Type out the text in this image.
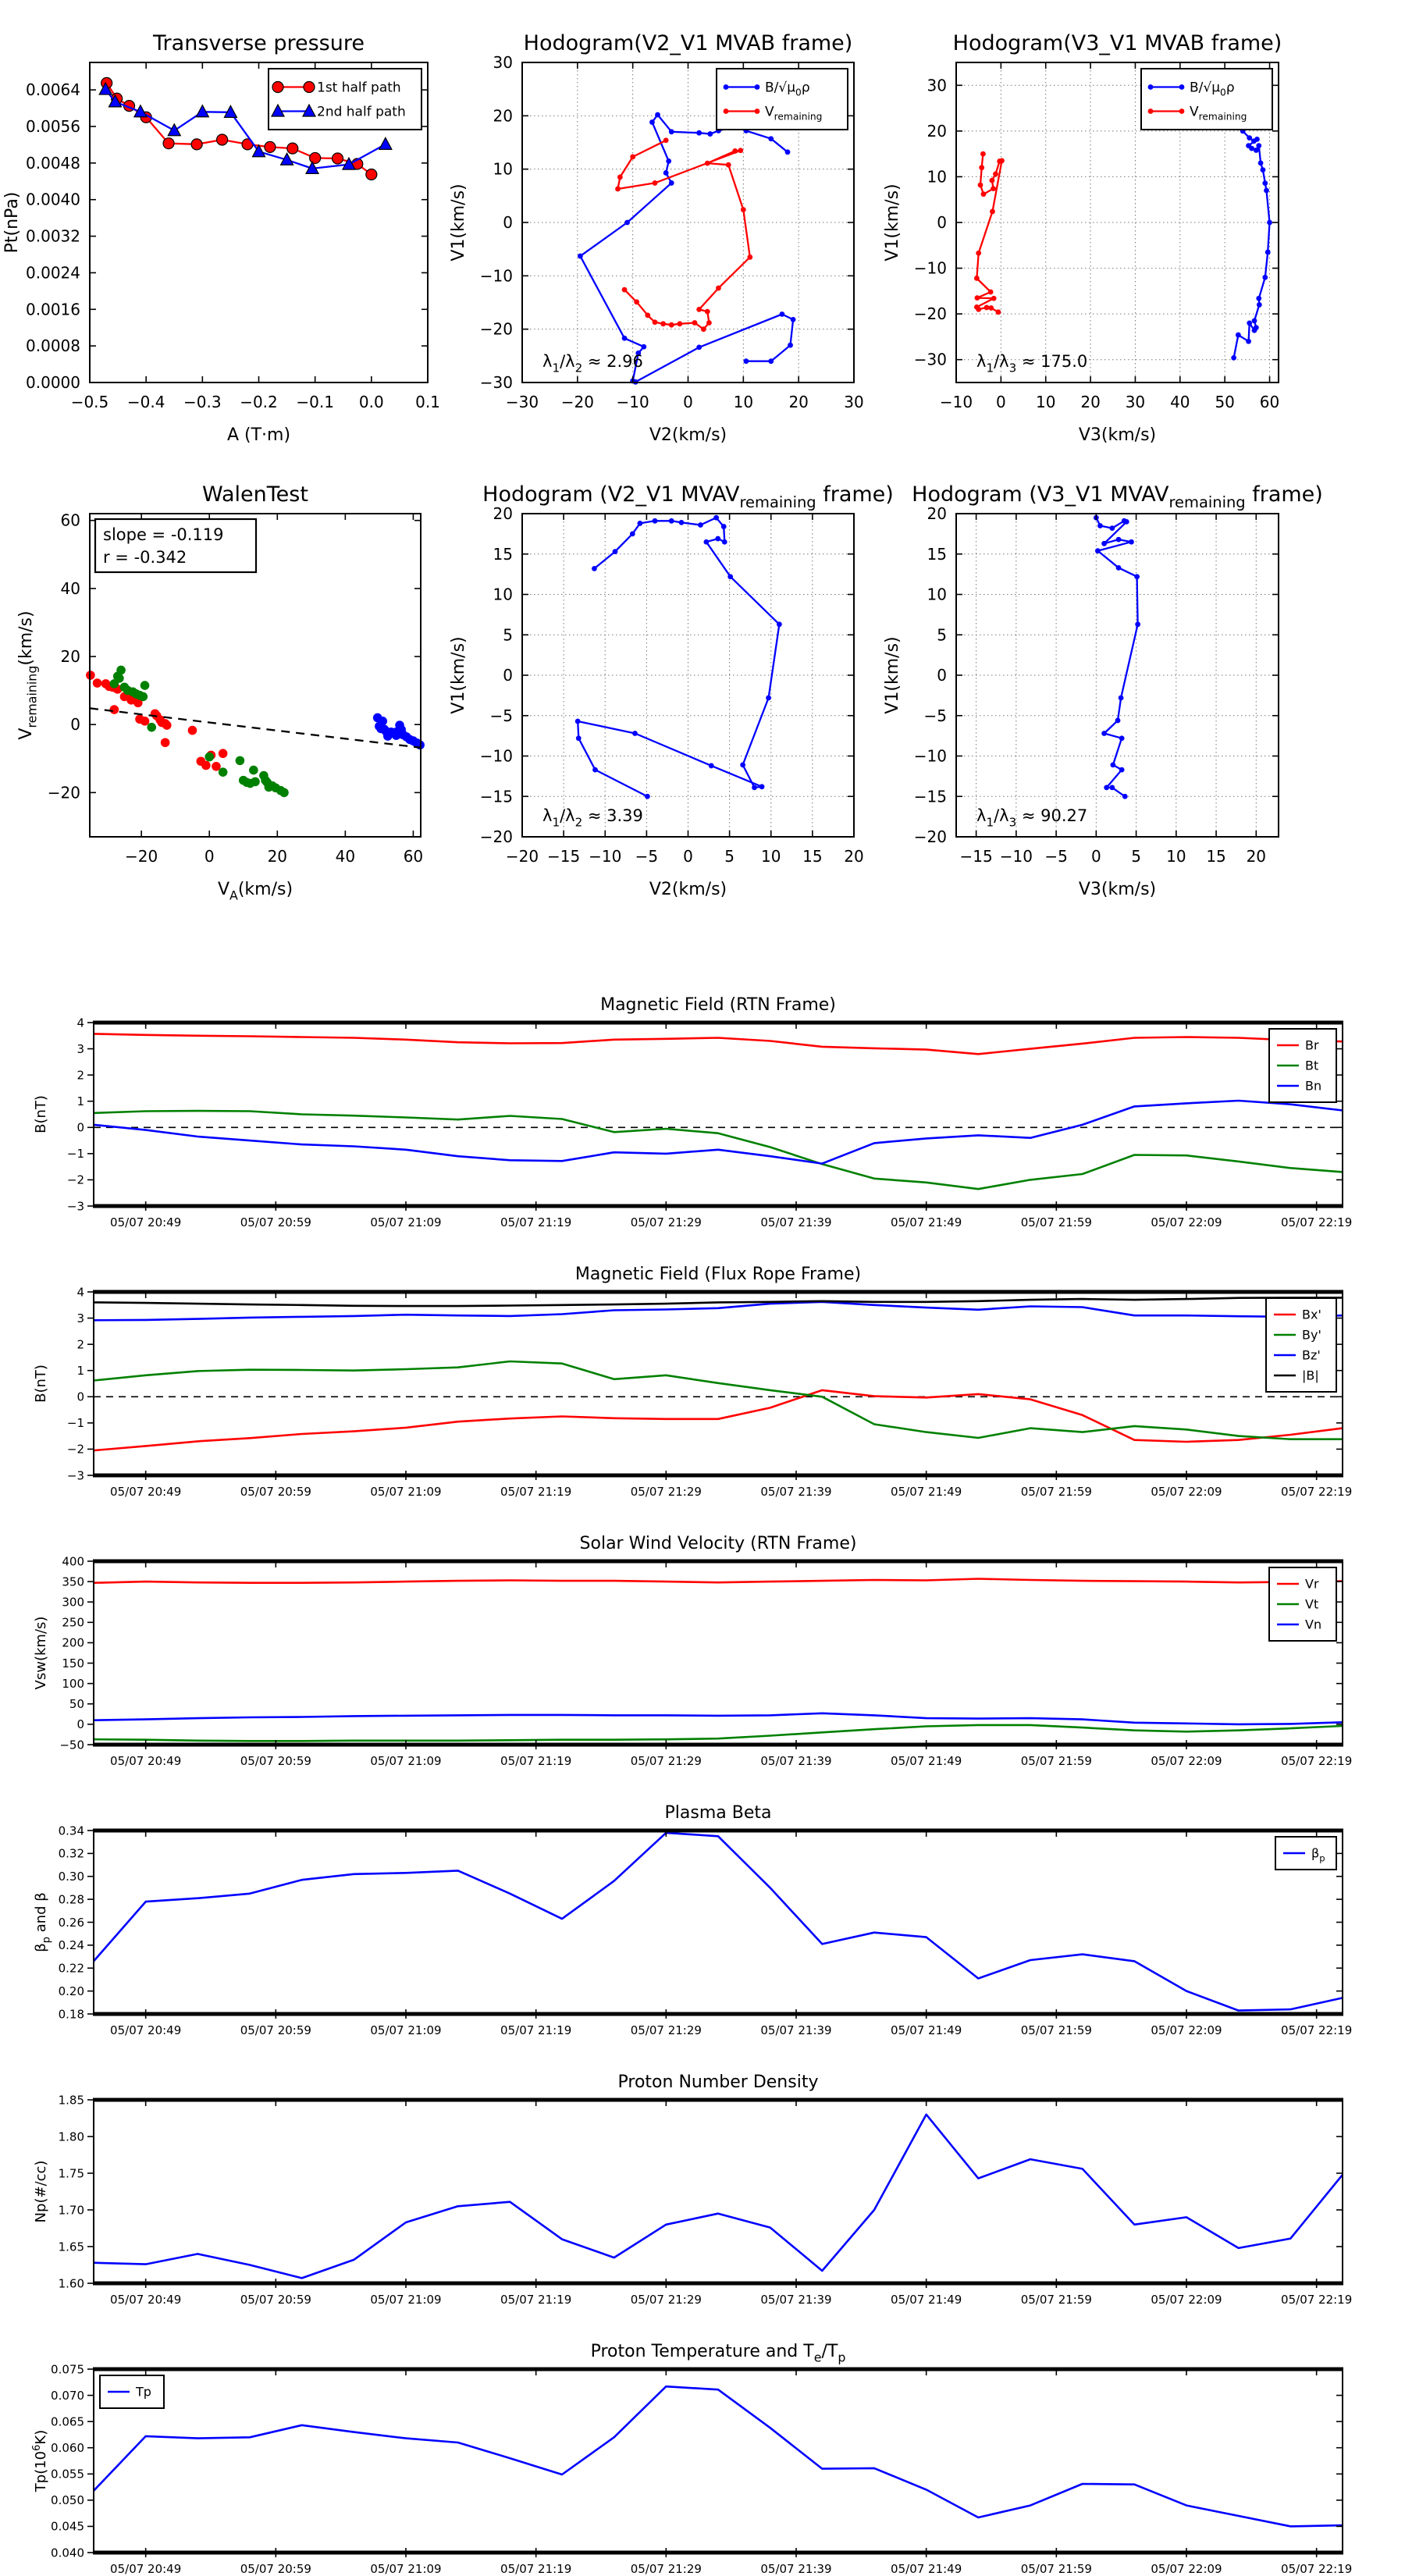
−0.5 −0.4 −0.3 −0.2 −0.1 0.0 0.1
0.0000
0.0008
0.0016
0.0024
0.0032
0.0040
0.0048
0.0056
0.0064
Transverse pressure
A (T·m)
Pt(nPa)
1st half path
2nd half path
−30 −20 −10 0	10 20 30
−30
−20
−10
0
10
20
30
Hodogram(V2_V1 MVAB frame)
V2(km/s)
V1(km/s)
$\lambda_1/\lambda_2 \approx 2.96$
$B/√\mu_0\rho$
$V_{remaining}$
−10 0 10 20 30 40 50 60
−30
−20
−10
0
10
20
30
Hodogram(V3_V1 MVAB frame)
V3(km/s)
V1(km/s)
$\lambda_1/\lambda_3 \approx 175.0$
$B/√\mu_0\rho$
$V_{remaining}$
−20	0	20	40	60
−20
0
20
40
60
WalenTest
$V_A(km/s)$
$V_{remaining}(km/s)$
slope = -0.119
r = -0.342
−20 −15 −10 −5 0 5 10 15 20
−20
−15
−10
−5
0
5
10
15
20
Hodogram (V2_V1 $MVAV_{remaining}$ frame)
V2(km/s)
V1(km/s)
$\lambda_1/\lambda_2 \approx 3.39$
−15 −10 −5 0 5 10 15 20
−20
−15
−10
−5
0
5
10
15
20
Hodogram (V3_V1 $MVAV_{remaining}$ frame)
V3(km/s)
V1(km/s)
$\lambda_1/\lambda_3 \approx 90.27$
05/07 20:49	05/07 20:59	05/07 21:09	05/07 21:19	05/07 21:29	05/07 21:39	05/07 21:49	05/07 21:59	05/07 22:09	05/07 22:19
−3
−2
−1
0
1
2
3
4
Magnetic Field (RTN Frame)
B(nT)
Br
Bt
Bn
05/07 20:49	05/07 20:59	05/07 21:09	05/07 21:19	05/07 21:29	05/07 21:39	05/07 21:49	05/07 21:59	05/07 22:09	05/07 22:19
−3
−2
−1
0
1
2
3
4
Magnetic Field (Flux Rope Frame)
B(nT)
Bx'
By'
Bz'
|B|
05/07 20:49	05/07 20:59	05/07 21:09	05/07 21:19	05/07 21:29	05/07 21:39	05/07 21:49	05/07 21:59	05/07 22:09	05/07 22:19
−50
0
50
100
150
200
250
300
350
400
Solar Wind Velocity (RTN Frame)
Vsw(km/s)
Vr
Vt
Vn
05/07 20:49	05/07 20:59	05/07 21:09	05/07 21:19	05/07 21:29	05/07 21:39	05/07 21:49	05/07 21:59	05/07 22:09	05/07 22:19
0.18
0.20
0.22
0.24
0.26
0.28
0.30
0.32
0.34
Plasma Beta
$\beta_p$ and β
$\beta_p$
05/07 20:49	05/07 20:59	05/07 21:09	05/07 21:19	05/07 21:29	05/07 21:39	05/07 21:49	05/07 21:59	05/07 22:09	05/07 22:19
1.60
1.65
1.70
1.75
1.80
1.85
Proton Number Density
Np(#/cc)
05/07 20:49	05/07 20:59	05/07 21:09	05/07 21:19	05/07 21:29	05/07 21:39	05/07 21:49	05/07 21:59	05/07 22:09	05/07 22:19
0.040
0.045
0.050
0.055
0.060
0.065
0.070
0.075
Proton Temperature and $T_e/T_p$
$Tp(10^6K)$
Tp
